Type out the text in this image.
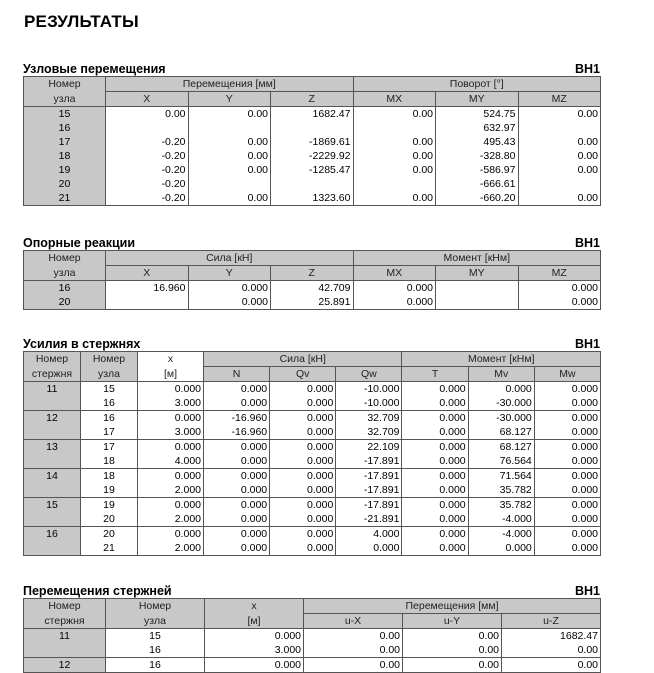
РЕЗУЛЬТАТЫ
Узловые перемещения	ВН1
Номер	Перемещения [мм]			Поворот [°]		
узла	X	Y	Z	MX	MY	MZ
15	0.00	0.00	1682.47	0.00	524.75	0.00
16					632.97	
17	-0.20	0.00	-1869.61	0.00	495.43	0.00
18	-0.20	0.00	-2229.92	0.00	-328.80	0.00
19	-0.20	0.00	-1285.47	0.00	-586.97	0.00
20	-0.20				-666.61	
21	-0.20	0.00	1323.60	0.00	-660.20	0.00
Опорные реакции	ВН1
Номер	Сила [кН]			Момент [кНм]		
узла	X	Y	Z	MX	MY	MZ
16	16.960	0.000	42.709	0.000		0.000
20		0.000	25.891	0.000		0.000
Усилия в стержнях	ВН1
Номер	Номер	x	Сила [кН]			Момент [кНм]		
стержня	узла	[м]	N	Qv	Qw	T	Mv	Mw
11	15	0.000	0.000	0.000	-10.000	0.000	0.000	0.000
	16	3.000	0.000	0.000	-10.000	0.000	-30.000	0.000
12	16	0.000	-16.960	0.000	32.709	0.000	-30.000	0.000
	17	3.000	-16.960	0.000	32.709	0.000	68.127	0.000
13	17	0.000	0.000	0.000	22.109	0.000	68.127	0.000
	18	4.000	0.000	0.000	-17.891	0.000	76.564	0.000
14	18	0.000	0.000	0.000	-17.891	0.000	71.564	0.000
	19	2.000	0.000	0.000	-17.891	0.000	35.782	0.000
15	19	0.000	0.000	0.000	-17.891	0.000	35.782	0.000
	20	2.000	0.000	0.000	-21.891	0.000	-4.000	0.000
16	20	0.000	0.000	0.000	4.000	0.000	-4.000	0.000
	21	2.000	0.000	0.000	0.000	0.000	0.000	0.000
Перемещения стержней	ВН1
Номер	Номер	x	Перемещения [мм]		
стержня	узла	[м]	u-X	u-Y	u-Z
11	15	0.000	0.00	0.00	1682.47
	16	3.000	0.00	0.00	0.00
12	16	0.000	0.00	0.00	0.00
